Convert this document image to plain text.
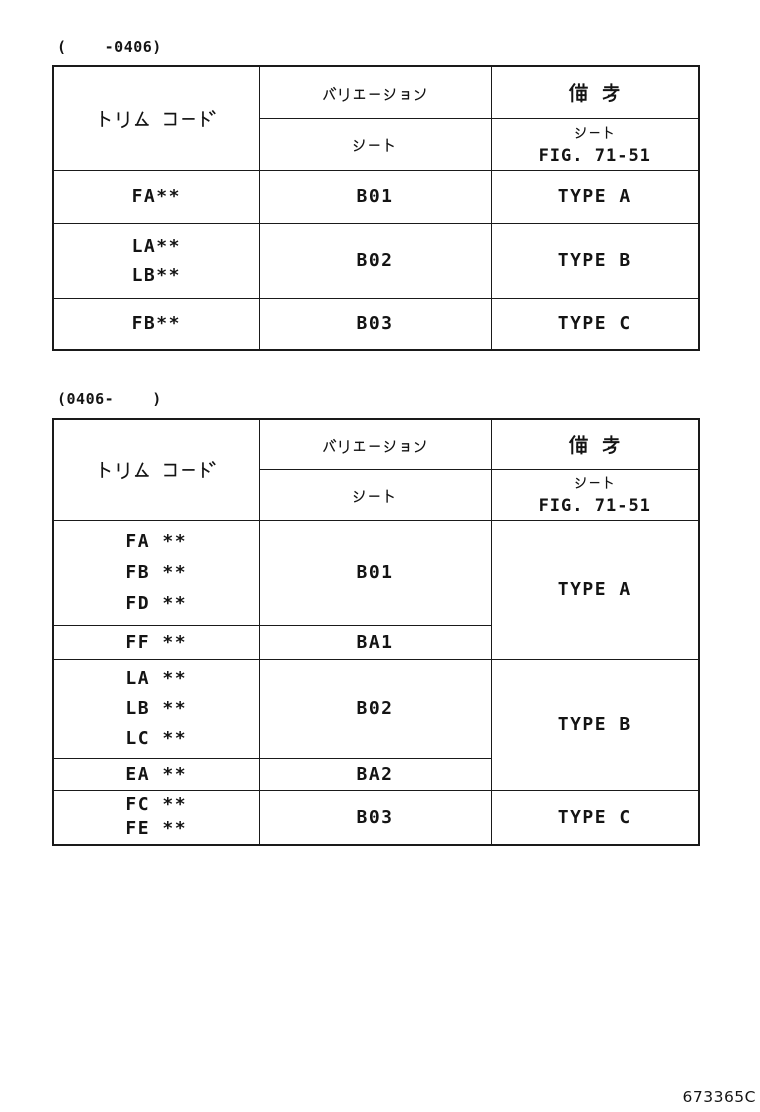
(    -0406)

FIG. 71-51

FA**	B01	TYPE A

LA**
LB**	B02	TYPE B

FB**	B03	TYPE C
(0406-    )

FIG. 71-51

FA **
FB **
FD **	B01	TYPE A

FF **	BA1	

LA **
LB **
LC **	B02	TYPE B

EA **	BA2	

FC **
FE **	B03	TYPE C
673365C
